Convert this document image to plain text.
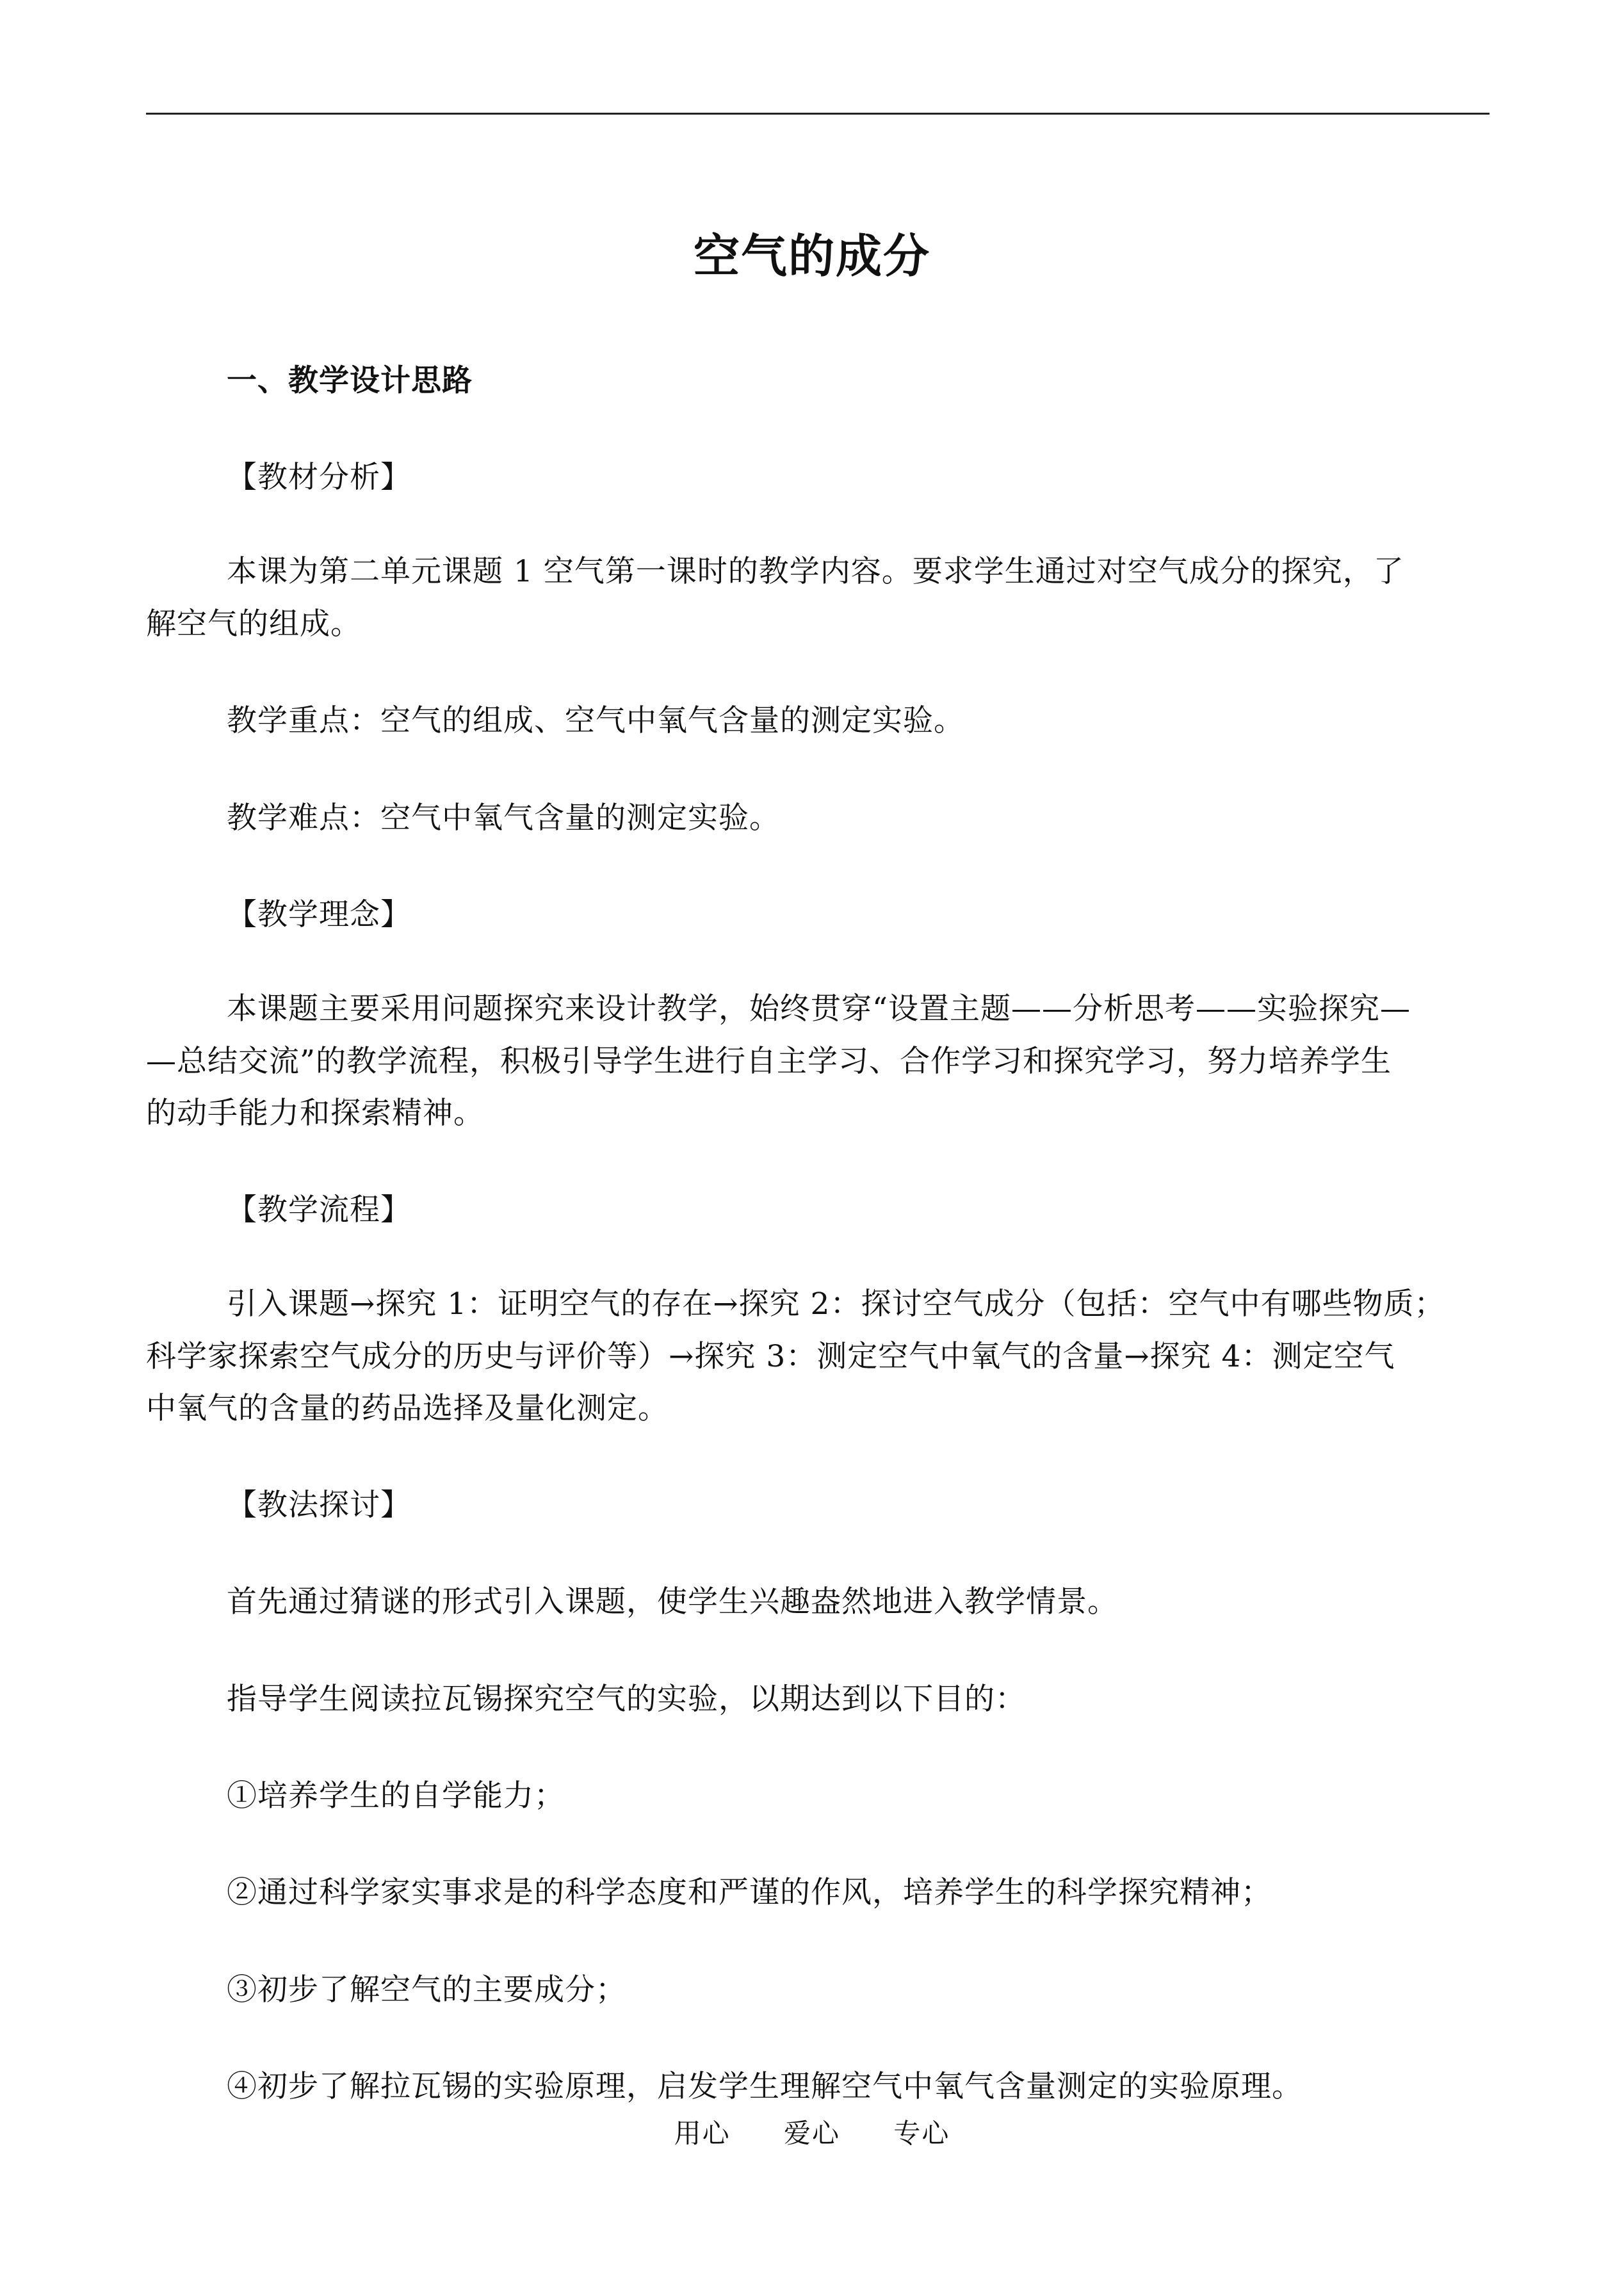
空气的成分
一、教学设计思路
【教材分析】
本课为第二单元课题 1 空气第一课时的教学内容。要求学生通过对空气成分的探究，了
解空气的组成。
教学重点：空气的组成、空气中氧气含量的测定实验。
教学难点：空气中氧气含量的测定实验。
【教学理念】
本课题主要采用问题探究来设计教学，始终贯穿“设置主题——分析思考——实验探究—
—总结交流”的教学流程，积极引导学生进行自主学习、合作学习和探究学习，努力培养学生
的动手能力和探索精神。
【教学流程】
引入课题→探究 1：证明空气的存在→探究 2：探讨空气成分（包括：空气中有哪些物质；
科学家探索空气成分的历史与评价等）→探究 3：测定空气中氧气的含量→探究 4：测定空气
中氧气的含量的药品选择及量化测定。
【教法探讨】
首先通过猜谜的形式引入课题，使学生兴趣盎然地进入教学情景。
指导学生阅读拉瓦锡探究空气的实验，以期达到以下目的：
①培养学生的自学能力；
②通过科学家实事求是的科学态度和严谨的作风，培养学生的科学探究精神；
③初步了解空气的主要成分；
④初步了解拉瓦锡的实验原理，启发学生理解空气中氧气含量测定的实验原理。
用心 爱心 专心
